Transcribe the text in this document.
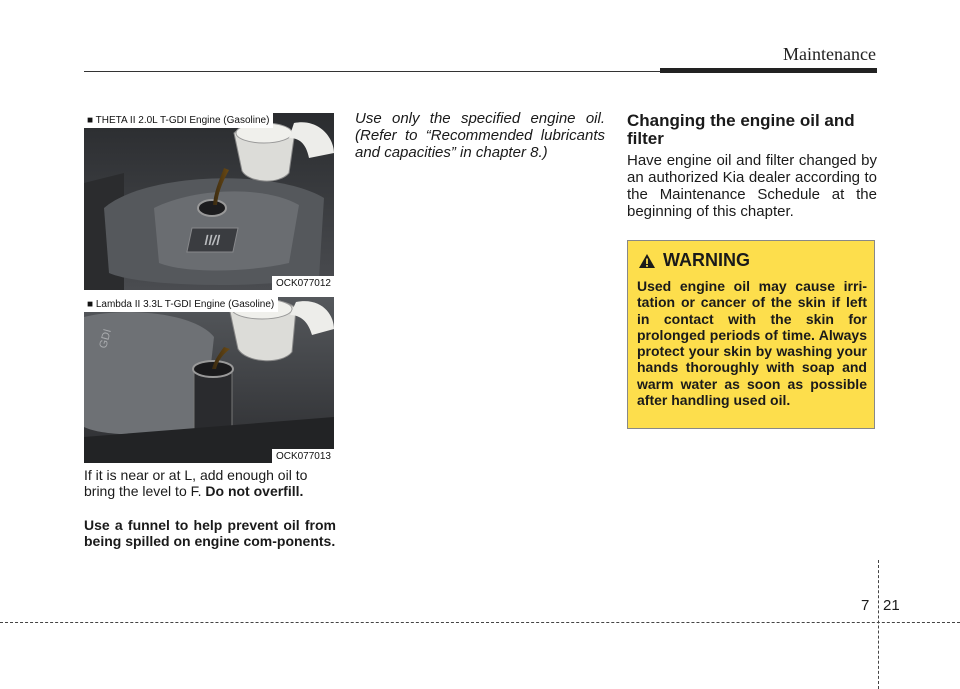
Maintenance
ǀǀ/ǀ
■ THETA II 2.0L T-GDI Engine (Gasoline)
OCK077012
GDI
■ Lambda II 3.3L T-GDI Engine (Gasoline)
OCK077013
If it is near or at L, add enough oil to bring the level to F. Do not overfill.
Use a funnel to help prevent oil from being spilled on engine com-ponents.
Use only the specified engine oil. (Refer to “Recommended lubricants and capacities” in chapter 8.)
Changing the engine oil and filter
Have engine oil and filter changed by an authorized Kia dealer according to the Maintenance Schedule at the beginning of this chapter.
WARNING
Used engine oil may cause irri-tation or cancer of the skin if left in contact with the skin for prolonged periods of time. Always protect your skin by washing your hands thoroughly with soap and warm water as soon as possible after handling used oil.
7 21
